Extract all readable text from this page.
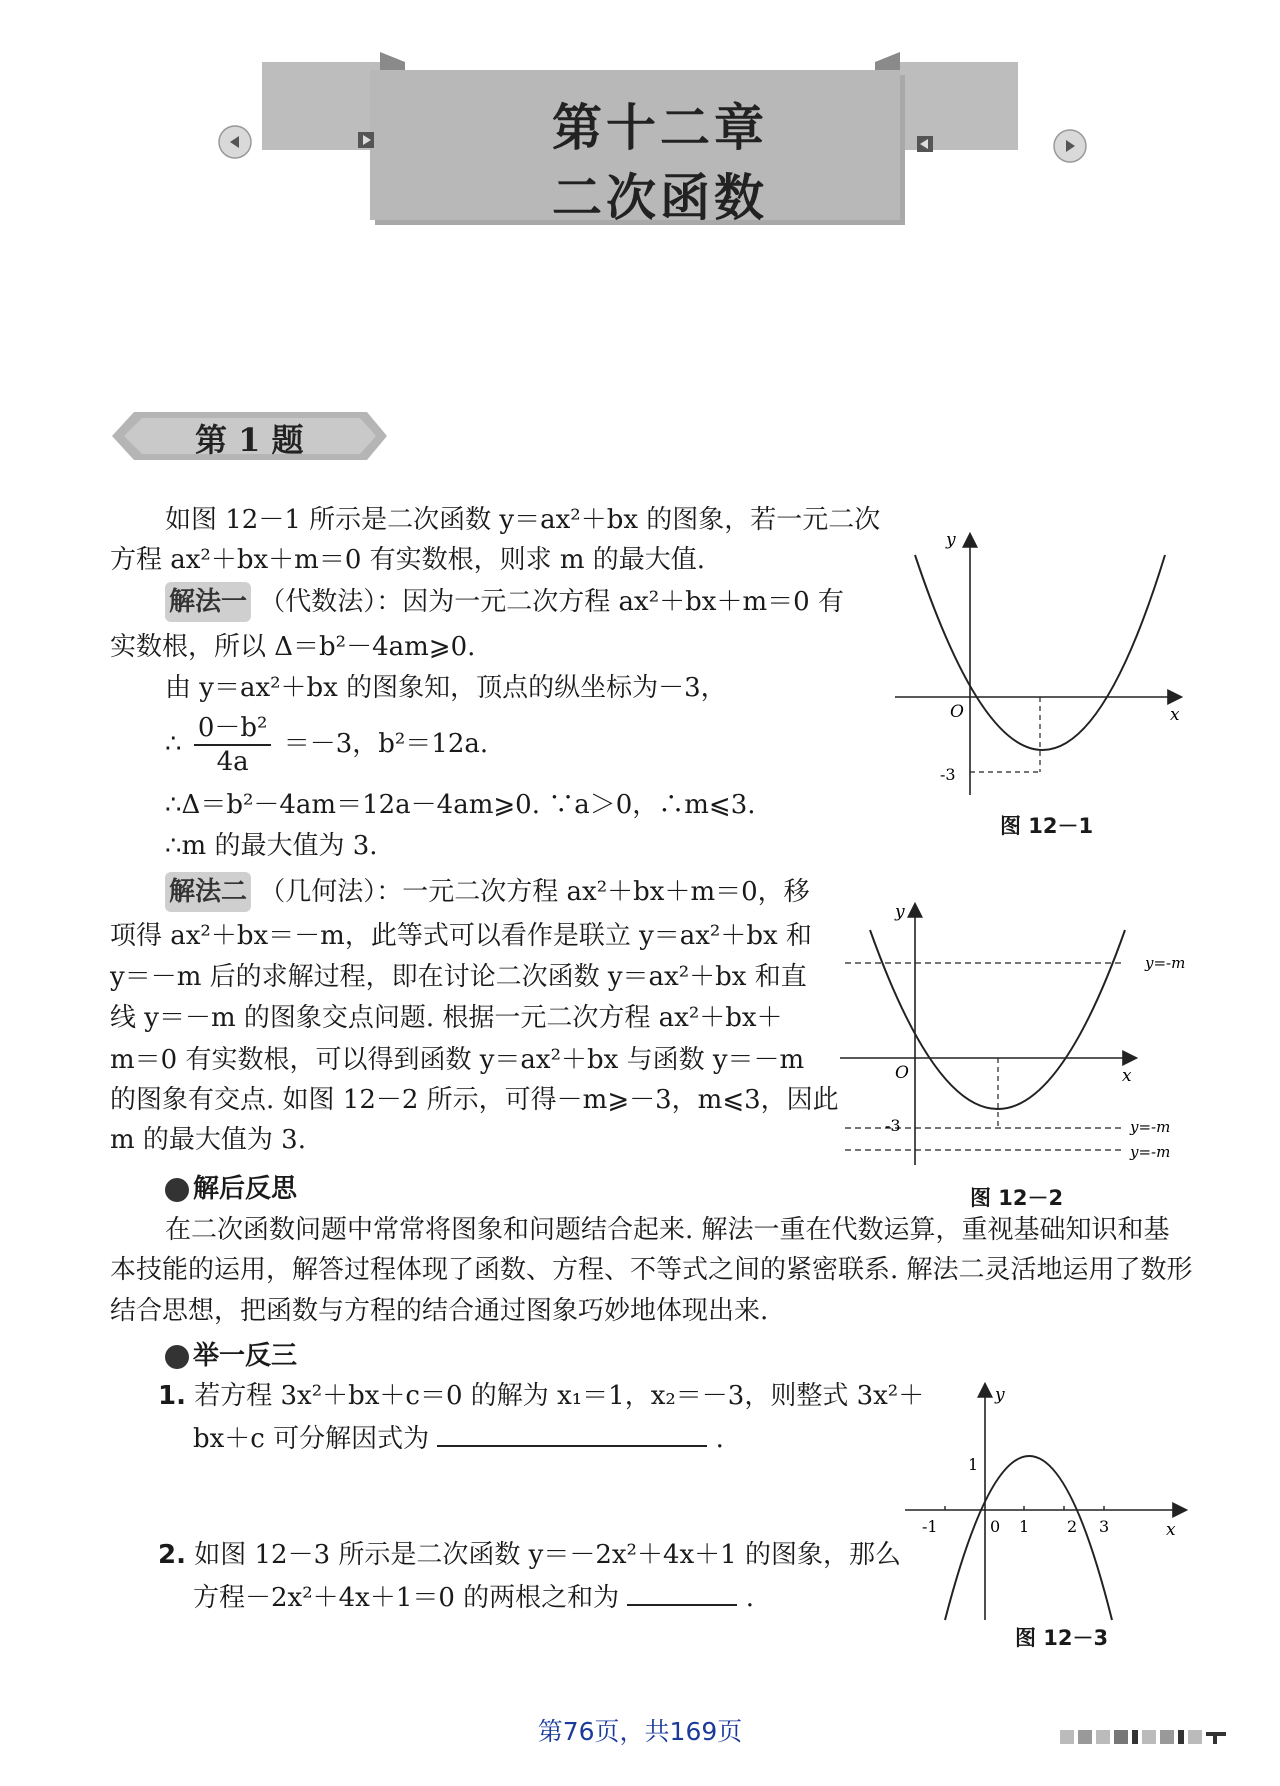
第十二章
二次函数
第 1 题
如图 12－1 所示是二次函数 y＝ax²＋bx 的图象，若一元二次
方程 ax²＋bx＋m＝0 有实数根，则求 m 的最大值.
解法一 （代数法）：因为一元二次方程 ax²＋bx＋m＝0 有
实数根，所以 Δ＝b²－4am⩾0.
由 y＝ax²＋bx 的图象知，顶点的纵坐标为－3，
∴ $\frac{\text{0－b²}}{4a} =-3$，b²＝12a.
∴Δ＝b²－4am＝12a－4am⩾0. ∵a＞0，∴m⩽3.
∴m 的最大值为 3.
解法二 （几何法）：一元二次方程 ax²＋bx＋m＝0，移
项得 ax²＋bx＝－m，此等式可以看作是联立 y＝ax²＋bx 和
y＝－m 后的求解过程，即在讨论二次函数 y＝ax²＋bx 和直
线 y＝－m 的图象交点问题. 根据一元二次方程 ax²＋bx＋
m＝0 有实数根，可以得到函数 y＝ax²＋bx 与函数 y＝－m
的图象有交点. 如图 12－2 所示，可得－m⩾－3，m⩽3，因此
m 的最大值为 3.
解后反思
在二次函数问题中常常将图象和问题结合起来. 解法一重在代数运算，重视基础知识和基
本技能的运用，解答过程体现了函数、方程、不等式之间的紧密联系. 解法二灵活地运用了数形
结合思想，把函数与方程的结合通过图象巧妙地体现出来.
举一反三
1. 若方程 3x²＋bx＋c＝0 的解为 x₁＝1，x₂＝－3，则整式 3x²＋
bx＋c 可分解因式为	.
2. 如图 12－3 所示是二次函数 y＝－2x²＋4x＋1 的图象，那么
方程－2x²＋4x＋1＝0 的两根之和为	.
y
x
O
-3
图 12－1
y
x
O
-3
y=-m
y=-m
y=-m
图 12－2
y
x
-1	0 1 2 3
1
图 12－3
第76页，共169页
